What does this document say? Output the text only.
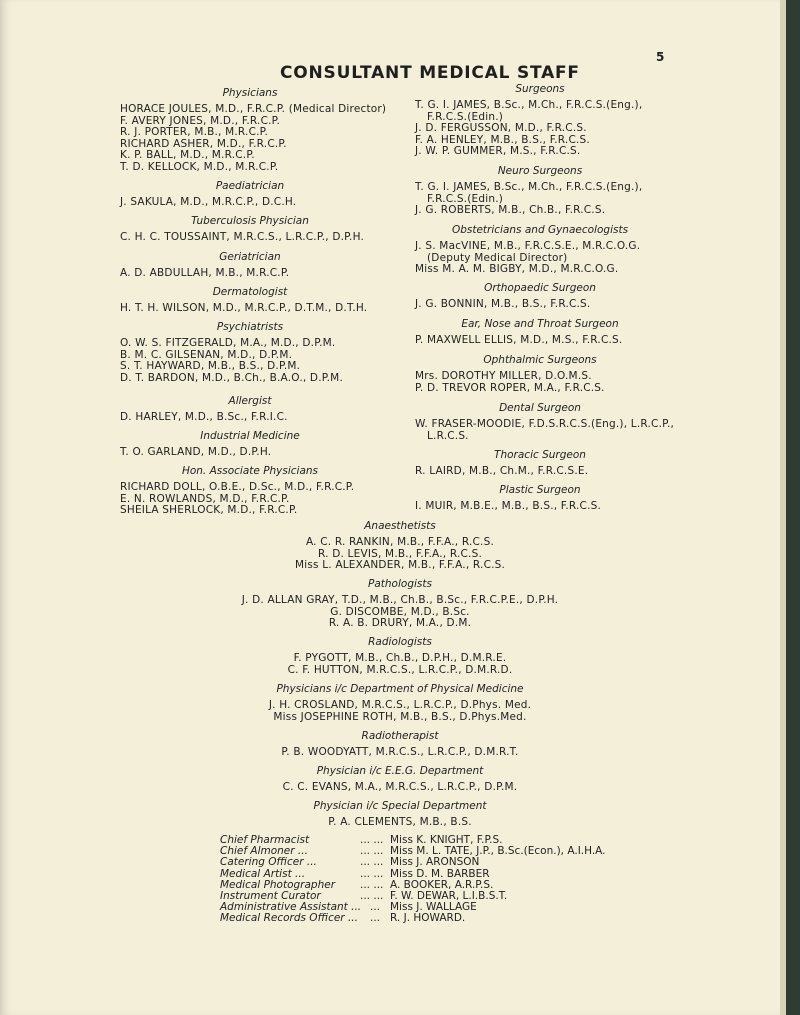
5
CONSULTANT MEDICAL STAFF
Physicians
HORACE JOULES, M.D., F.R.C.P. (Medical Director)
F. AVERY JONES, M.D., F.R.C.P.
R. J. PORTER, M.B., M.R.C.P.
RICHARD ASHER, M.D., F.R.C.P.
K. P. BALL, M.D., M.R.C.P.
T. D. KELLOCK, M.D., M.R.C.P.
Paediatrician
J. SAKULA, M.D., M.R.C.P., D.C.H.
Tuberculosis Physician
C. H. C. TOUSSAINT, M.R.C.S., L.R.C.P., D.P.H.
Geriatrician
A. D. ABDULLAH, M.B., M.R.C.P.
Dermatologist
H. T. H. WILSON, M.D., M.R.C.P., D.T.M., D.T.H.
Psychiatrists
O. W. S. FITZGERALD, M.A., M.D., D.P.M.
B. M. C. GILSENAN, M.D., D.P.M.
S. T. HAYWARD, M.B., B.S., D.P.M.
D. T. BARDON, M.D., B.Ch., B.A.O., D.P.M.
Allergist
D. HARLEY, M.D., B.Sc., F.R.I.C.
Industrial Medicine
T. O. GARLAND, M.D., D.P.H.
Hon. Associate Physicians
RICHARD DOLL, O.B.E., D.Sc., M.D., F.R.C.P.
E. N. ROWLANDS, M.D., F.R.C.P.
SHEILA SHERLOCK, M.D., F.R.C.P.
Surgeons
T. G. I. JAMES, B.Sc., M.Ch., F.R.C.S.(Eng.),
F.R.C.S.(Edin.)
J. D. FERGUSSON, M.D., F.R.C.S.
F. A. HENLEY, M.B., B.S., F.R.C.S.
J. W. P. GUMMER, M.S., F.R.C.S.
Neuro Surgeons
T. G. I. JAMES, B.Sc., M.Ch., F.R.C.S.(Eng.),
F.R.C.S.(Edin.)
J. G. ROBERTS, M.B., Ch.B., F.R.C.S.
Obstetricians and Gynaecologists
J. S. MacVINE, M.B., F.R.C.S.E., M.R.C.O.G.
(Deputy Medical Director)
Miss M. A. M. BIGBY, M.D., M.R.C.O.G.
Orthopaedic Surgeon
J. G. BONNIN, M.B., B.S., F.R.C.S.
Ear, Nose and Throat Surgeon
P. MAXWELL ELLIS, M.D., M.S., F.R.C.S.
Ophthalmic Surgeons
Mrs. DOROTHY MILLER, D.O.M.S.
P. D. TREVOR ROPER, M.A., F.R.C.S.
Dental Surgeon
W. FRASER-MOODIE, F.D.S.R.C.S.(Eng.), L.R.C.P.,
L.R.C.S.
Thoracic Surgeon
R. LAIRD, M.B., Ch.M., F.R.C.S.E.
Plastic Surgeon
I. MUIR, M.B.E., M.B., B.S., F.R.C.S.
Anaesthetists
A. C. R. RANKIN, M.B., F.F.A., R.C.S.
R. D. LEVIS, M.B., F.F.A., R.C.S.
Miss L. ALEXANDER, M.B., F.F.A., R.C.S.
Pathologists
J. D. ALLAN GRAY, T.D., M.B., Ch.B., B.Sc., F.R.C.P.E., D.P.H.
G. DISCOMBE, M.D., B.Sc.
R. A. B. DRURY, M.A., D.M.
Radiologists
F. PYGOTT, M.B., Ch.B., D.P.H., D.M.R.E.
C. F. HUTTON, M.R.C.S., L.R.C.P., D.M.R.D.
Physicians i/c Department of Physical Medicine
J. H. CROSLAND, M.R.C.S., L.R.C.P., D.Phys. Med.
Miss JOSEPHINE ROTH, M.B., B.S., D.Phys.Med.
Radiotherapist
P. B. WOODYATT, M.R.C.S., L.R.C.P., D.M.R.T.
Physician i/c E.E.G. Department
C. C. EVANS, M.A., M.R.C.S., L.R.C.P., D.P.M.
Physician i/c Special Department
P. A. CLEMENTS, M.B., B.S.
Chief Pharmacist	... ... Miss K. KNIGHT, F.P.S.
Chief Almoner ...	... ... Miss M. L. TATE, J.P., B.Sc.(Econ.), A.I.H.A.
Catering Officer ...	... ... Miss J. ARONSON
Medical Artist ...	... ... Miss D. M. BARBER
Medical Photographer	... ... A. BOOKER, A.R.P.S.
Instrument Curator	... ... F. W. DEWAR, L.I.B.S.T.
Administrative Assistant ... ... Miss J. WALLAGE
Medical Records Officer ...	... R. J. HOWARD.
